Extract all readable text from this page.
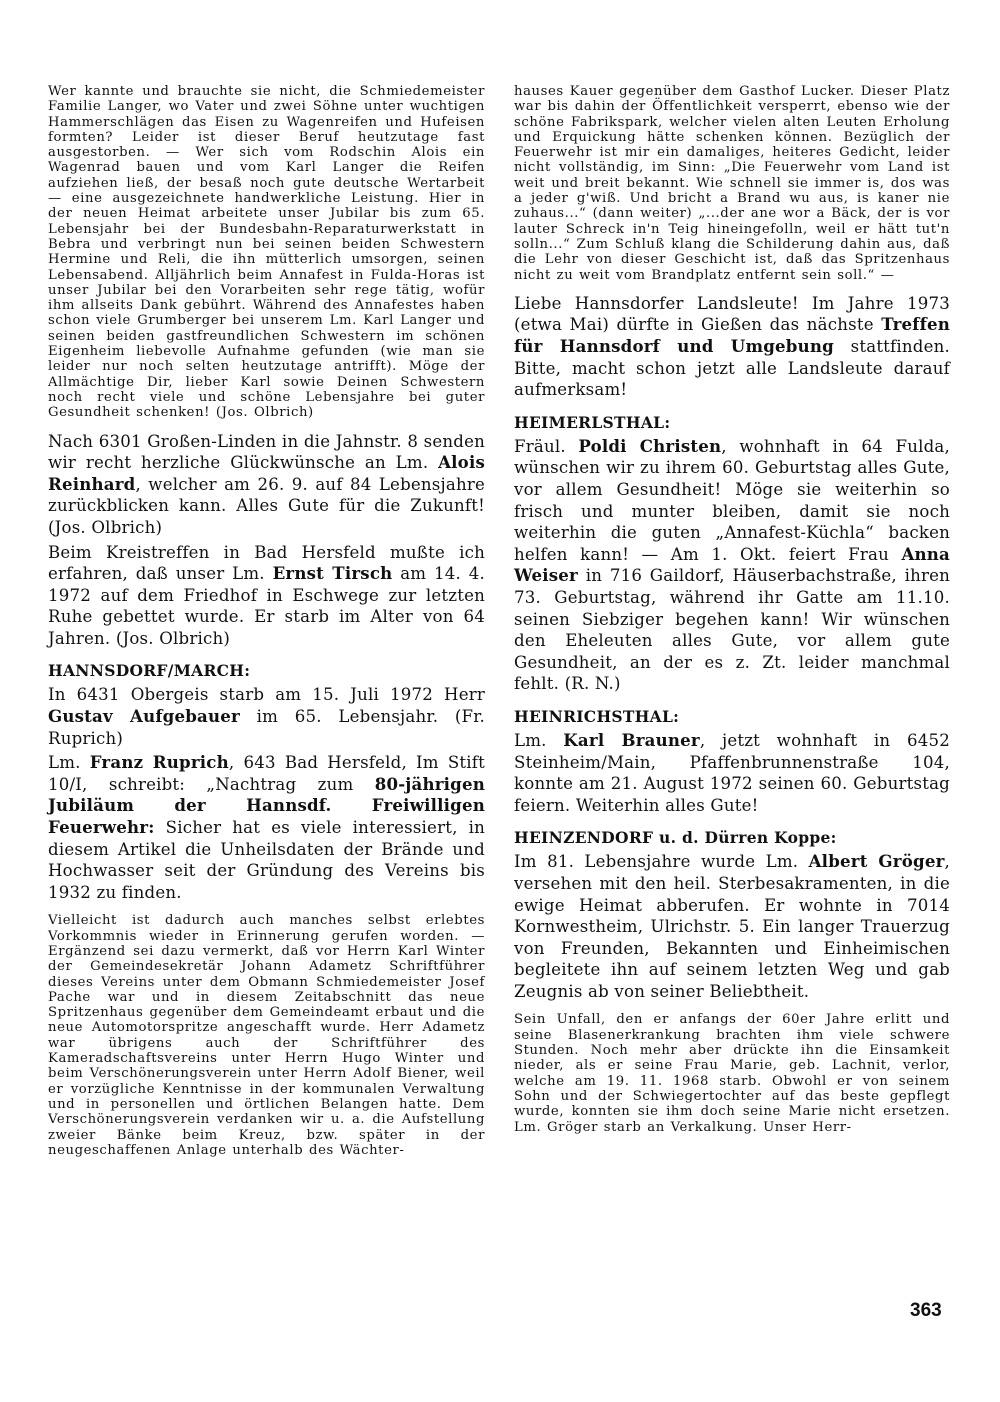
Wer kannte und brauchte sie nicht, die Schmiedemeister Familie Langer, wo Vater und zwei Söhne unter wuchtigen Hammerschlägen das Eisen zu Wagenreifen und Hufeisen formten? Leider ist dieser Beruf heutzutage fast ausgestorben. — Wer sich vom Rodschin Alois ein Wagenrad bauen und vom Karl Langer die Reifen aufziehen ließ, der besaß noch gute deutsche Wertarbeit — eine ausgezeichnete handwerkliche Leistung. Hier in der neuen Heimat arbeitete unser Jubilar bis zum 65. Lebensjahr bei der Bundesbahn-Reparaturwerkstatt in Bebra und verbringt nun bei seinen beiden Schwestern Hermine und Reli, die ihn mütterlich umsorgen, seinen Lebensabend. Alljährlich beim Annafest in Fulda-Horas ist unser Jubilar bei den Vorarbeiten sehr rege tätig, wofür ihm allseits Dank gebührt. Während des Annafestes haben schon viele Grumberger bei unserem Lm. Karl Langer und seinen beiden gastfreundlichen Schwestern im schönen Eigenheim liebevolle Aufnahme gefunden (wie man sie leider nur noch selten heutzutage antrifft). Möge der Allmächtige Dir, lieber Karl sowie Deinen Schwestern noch recht viele und schöne Lebensjahre bei guter Gesundheit schenken! (Jos. Olbrich)

Nach 6301 Großen-Linden in die Jahnstr. 8 senden wir recht herzliche Glückwünsche an Lm. Alois Reinhard, welcher am 26. 9. auf 84 Lebensjahre zurückblicken kann. Alles Gute für die Zukunft! (Jos. Olbrich)

Beim Kreistreffen in Bad Hersfeld mußte ich erfahren, daß unser Lm. Ernst Tirsch am 14. 4. 1972 auf dem Friedhof in Eschwege zur letzten Ruhe gebettet wurde. Er starb im Alter von 64 Jahren. (Jos. Olbrich)

HANNSDORF/MARCH:

In 6431 Obergeis starb am 15. Juli 1972 Herr Gustav Aufgebauer im 65. Lebensjahr. (Fr. Ruprich)

Lm. Franz Ruprich, 643 Bad Hersfeld, Im Stift 10/I, schreibt: „Nachtrag zum 80-jährigen Jubiläum der Hannsdf. Freiwilligen Feuerwehr: Sicher hat es viele interessiert, in diesem Artikel die Unheilsdaten der Brände und Hochwasser seit der Gründung des Vereins bis 1932 zu finden.

Vielleicht ist dadurch auch manches selbst erlebtes Vorkommnis wieder in Erinnerung gerufen worden. — Ergänzend sei dazu vermerkt, daß vor Herrn Karl Winter der Gemeindesekretär Johann Adametz Schriftführer dieses Vereins unter dem Obmann Schmiedemeister Josef Pache war und in diesem Zeitabschnitt das neue Spritzenhaus gegenüber dem Gemeindeamt erbaut und die neue Automotorspritze angeschafft wurde. Herr Adametz war übrigens auch der Schriftführer des Kameradschaftsvereins unter Herrn Hugo Winter und beim Verschönerungsverein unter Herrn Adolf Biener, weil er vorzügliche Kenntnisse in der kommunalen Verwaltung und in personellen und örtlichen Belangen hatte. Dem Verschönerungsverein verdanken wir u. a. die Aufstellung zweier Bänke beim Kreuz, bzw. später in der neugeschaffenen Anlage unterhalb des Wächter-

hauses Kauer gegenüber dem Gasthof Lucker. Dieser Platz war bis dahin der Öffentlichkeit versperrt, ebenso wie der schöne Fabrikspark, welcher vielen alten Leuten Erholung und Erquickung hätte schenken können. Bezüglich der Feuerwehr ist mir ein damaliges, heiteres Gedicht, leider nicht vollständig, im Sinn: „Die Feuerwehr vom Land ist weit und breit bekannt. Wie schnell sie immer is, dos was a jeder g'wiß. Und bricht a Brand wu aus, is kaner nie zuhaus...“ (dann weiter) „...der ane wor a Bäck, der is vor lauter Schreck in'n Teig hineingefolln, weil er hätt tut'n solln...“ Zum Schluß klang die Schilderung dahin aus, daß die Lehr von dieser Geschicht ist, daß das Spritzenhaus nicht zu weit vom Brandplatz entfernt sein soll.“ —

Liebe Hannsdorfer Landsleute! Im Jahre 1973 (etwa Mai) dürfte in Gießen das nächste Treffen für Hannsdorf und Umgebung stattfinden. Bitte, macht schon jetzt alle Landsleute darauf aufmerksam!

HEIMERLSTHAL:

Fräul. Poldi Christen, wohnhaft in 64 Fulda, wünschen wir zu ihrem 60. Geburtstag alles Gute, vor allem Gesundheit! Möge sie weiterhin so frisch und munter bleiben, damit sie noch weiterhin die guten „Annafest-Küchla“ backen helfen kann! — Am 1. Okt. feiert Frau Anna Weiser in 716 Gaildorf, Häuserbachstraße, ihren 73. Geburtstag, während ihr Gatte am 11.10. seinen Siebziger begehen kann! Wir wünschen den Eheleuten alles Gute, vor allem gute Gesundheit, an der es z. Zt. leider manchmal fehlt. (R. N.)

HEINRICHSTHAL:

Lm. Karl Brauner, jetzt wohnhaft in 6452 Steinheim/Main, Pfaffenbrunnenstraße 104, konnte am 21. August 1972 seinen 60. Geburtstag feiern. Weiterhin alles Gute!

HEINZENDORF u. d. Dürren Koppe:

Im 81. Lebensjahre wurde Lm. Albert Gröger, versehen mit den heil. Sterbesakramenten, in die ewige Heimat abberufen. Er wohnte in 7014 Kornwestheim, Ulrichstr. 5. Ein langer Trauerzug von Freunden, Bekannten und Einheimischen begleitete ihn auf seinem letzten Weg und gab Zeugnis ab von seiner Beliebtheit.

Sein Unfall, den er anfangs der 60er Jahre erlitt und seine Blasenerkrankung brachten ihm viele schwere Stunden. Noch mehr aber drückte ihn die Einsamkeit nieder, als er seine Frau Marie, geb. Lachnit, verlor, welche am 19. 11. 1968 starb. Obwohl er von seinem Sohn und der Schwiegertochter auf das beste gepflegt wurde, konnten sie ihm doch seine Marie nicht ersetzen. Lm. Gröger starb an Verkalkung. Unser Herr-

363
